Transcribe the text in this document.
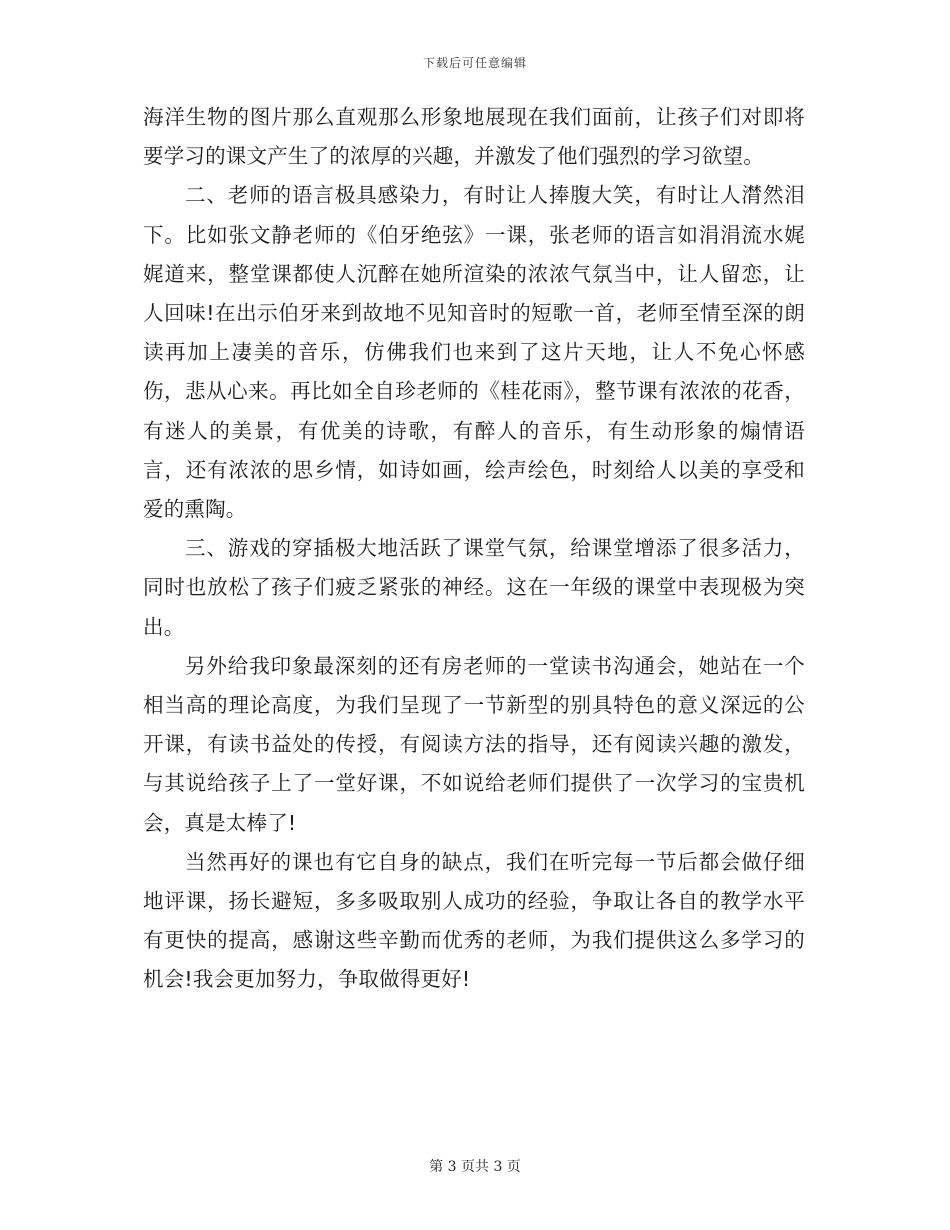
下载后可任意编辑

海洋生物的图片那么直观那么形象地展现在我们面前，让孩子们对即将要学习的课文产生了的浓厚的兴趣，并激发了他们强烈的学习欲望。

二、老师的语言极具感染力，有时让人捧腹大笑，有时让人潸然泪下。比如张文静老师的《伯牙绝弦》一课，张老师的语言如涓涓流水娓娓道来，整堂课都使人沉醉在她所渲染的浓浓气氛当中，让人留恋，让人回味!在出示伯牙来到故地不见知音时的短歌一首，老师至情至深的朗读再加上凄美的音乐，仿佛我们也来到了这片天地，让人不免心怀感伤，悲从心来。再比如全自珍老师的《桂花雨》，整节课有浓浓的花香，有迷人的美景，有优美的诗歌，有醉人的音乐，有生动形象的煽情语言，还有浓浓的思乡情，如诗如画，绘声绘色，时刻给人以美的享受和爱的熏陶。

三、游戏的穿插极大地活跃了课堂气氛，给课堂增添了很多活力，同时也放松了孩子们疲乏紧张的神经。这在一年级的课堂中表现极为突出。

另外给我印象最深刻的还有房老师的一堂读书沟通会，她站在一个相当高的理论高度，为我们呈现了一节新型的别具特色的意义深远的公开课，有读书益处的传授，有阅读方法的指导，还有阅读兴趣的激发，与其说给孩子上了一堂好课，不如说给老师们提供了一次学习的宝贵机会，真是太棒了!

当然再好的课也有它自身的缺点，我们在听完每一节后都会做仔细地评课，扬长避短，多多吸取别人成功的经验，争取让各自的教学水平有更快的提高，感谢这些辛勤而优秀的老师，为我们提供这么多学习的机会!我会更加努力，争取做得更好!

第 3 页共 3 页
